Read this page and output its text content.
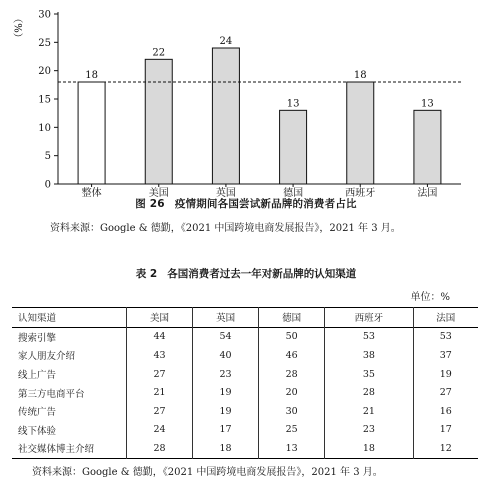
18
整体
22
美国
24
英国
13
德国
18
西班牙
13
法国
0
5
10
15
20
25
30
（%）
图 26 疫情期间各国尝试新品牌的消费者占比
资料来源：Google & 德勤，《2021 中国跨境电商发展报告》，2021 年 3 月。
表 2 各国消费者过去一年对新品牌的认知渠道
单位：%
认知渠道	美国	英国	德国	西班牙	法国
搜索引擎	44	54	50	53	53
家人朋友介绍	43	40	46	38	37
线上广告	27	23	28	35	19
第三方电商平台	21	19	20	28	27
传统广告	27	19	30	21	16
线下体验	24	17	25	23	17
社交媒体博主介绍	28	18	13	18	12
资料来源：Google & 德勤，《2021 中国跨境电商发展报告》，2021 年 3 月。
